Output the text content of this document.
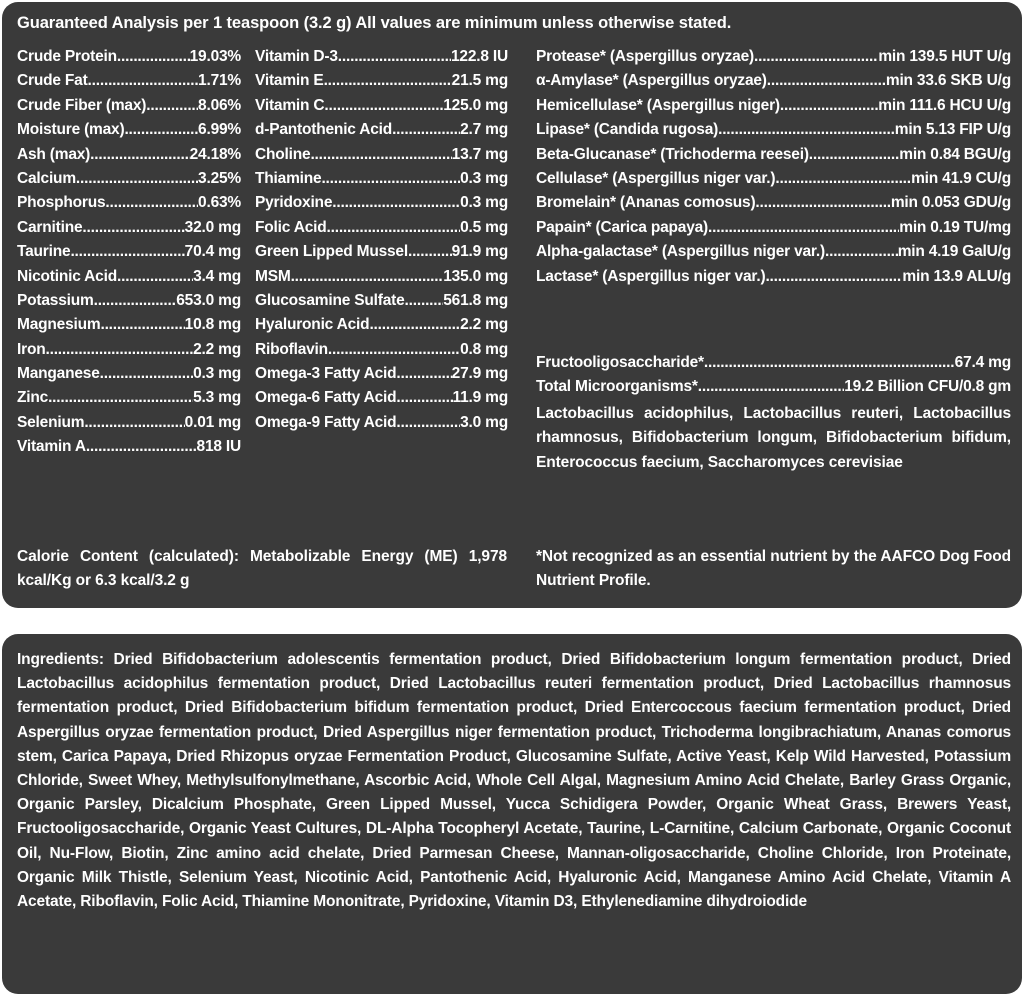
Guaranteed Analysis per 1 teaspoon (3.2 g) All values are minimum unless otherwise stated.
Crude Protein .....	19.03%
Crude Fat .....	1.71%
Crude Fiber (max) .....	8.06%
Moisture (max) .....	6.99%
Ash (max) .....	24.18%
Calcium .....	3.25%
Phosphorus .....	0.63%
Carnitine .....	32.0 mg
Taurine .....	70.4 mg
Nicotinic Acid .....	3.4 mg
Potassium .....	653.0 mg
Magnesium .....	10.8 mg
Iron .....	2.2 mg
Manganese .....	0.3 mg
Zinc .....	5.3 mg
Selenium .....	0.01 mg
Vitamin A .....	818 IU
Vitamin D-3 .....	122.8 IU
Vitamin E .....	21.5 mg
Vitamin C .....	125.0 mg
d-Pantothenic Acid .....	2.7 mg
Choline .....	13.7 mg
Thiamine .....	0.3 mg
Pyridoxine .....	0.3 mg
Folic Acid .....	0.5 mg
Green Lipped Mussel .....	91.9 mg
MSM .....	135.0 mg
Glucosamine Sulfate ..... 561.8 mg
Hyaluronic Acid .....	2.2 mg
Riboflavin .....	0.8 mg
Omega-3 Fatty Acid .....	27.9 mg
Omega-6 Fatty Acid .....	11.9 mg
Omega-9 Fatty Acid .....	3.0 mg
Protease* (Aspergillus oryzae) .....	min 139.5 HUT U/g
α-Amylase* (Aspergillus oryzae) .....	min 33.6 SKB U/g
Hemicellulase* (Aspergillus niger) .....	min 111.6 HCU U/g
Lipase* (Candida rugosa) .....	min 5.13 FIP U/g
Beta-Glucanase* (Trichoderma reesei) .....	min 0.84 BGU/g
Cellulase* (Aspergillus niger var.) .....	min 41.9 CU/g
Bromelain* (Ananas comosus) .....	min 0.053 GDU/g
Papain* (Carica papaya) .....	min 0.19 TU/mg
Alpha-galactase* (Aspergillus niger var.) .....	min 4.19 GalU/g
Lactase* (Aspergillus niger var.) .....	min 13.9 ALU/g
Fructooligosaccharide* .....	67.4 mg
Total Microorganisms* .....	19.2 Billion CFU/0.8 gm
Lactobacillus acidophilus, Lactobacillus reuteri, Lactobacillus rhamnosus, Bifidobacterium longum, Bifidobacterium bifidum, Enterococcus faecium, Saccharomyces cerevisiae
Calorie Content (calculated): Metabolizable Energy (ME) 1,978 kcal/Kg or 6.3 kcal/3.2 g
*Not recognized as an essential nutrient by the AAFCO Dog Food Nutrient Profile.
Ingredients: Dried Bifidobacterium adolescentis fermentation product, Dried Bifidobacterium longum fermentation product, Dried Lactobacillus acidophilus fermentation product, Dried Lactobacillus reuteri fermentation product, Dried Lactobacillus rhamnosus fermentation product, Dried Bifidobacterium bifidum fermentation product, Dried Entercoccous faecium fermentation product, Dried Aspergillus oryzae fermentation product, Dried Aspergillus niger fermentation product, Trichoderma longibrachiatum, Ananas comorus stem, Carica Papaya, Dried Rhizopus oryzae Fermentation Product, Glucosamine Sulfate, Active Yeast, Kelp Wild Harvested, Potassium Chloride, Sweet Whey, Methylsulfonylmethane, Ascorbic Acid, Whole Cell Algal, Magnesium Amino Acid Chelate, Barley Grass Organic, Organic Parsley, Dicalcium Phosphate, Green Lipped Mussel, Yucca Schidigera Powder, Organic Wheat Grass, Brewers Yeast, Fructooligosaccharide, Organic Yeast Cultures, DL-Alpha Tocopheryl Acetate, Taurine, L-Carnitine, Calcium Carbonate, Organic Coconut Oil, Nu-Flow, Biotin, Zinc amino acid chelate, Dried Parmesan Cheese, Mannan-oligosaccharide, Choline Chloride, Iron Proteinate, Organic Milk Thistle, Selenium Yeast, Nicotinic Acid, Pantothenic Acid, Hyaluronic Acid, Manganese Amino Acid Chelate, Vitamin A Acetate, Riboflavin, Folic Acid, Thiamine Mononitrate, Pyridoxine, Vitamin D3, Ethylenediamine dihydroiodide
